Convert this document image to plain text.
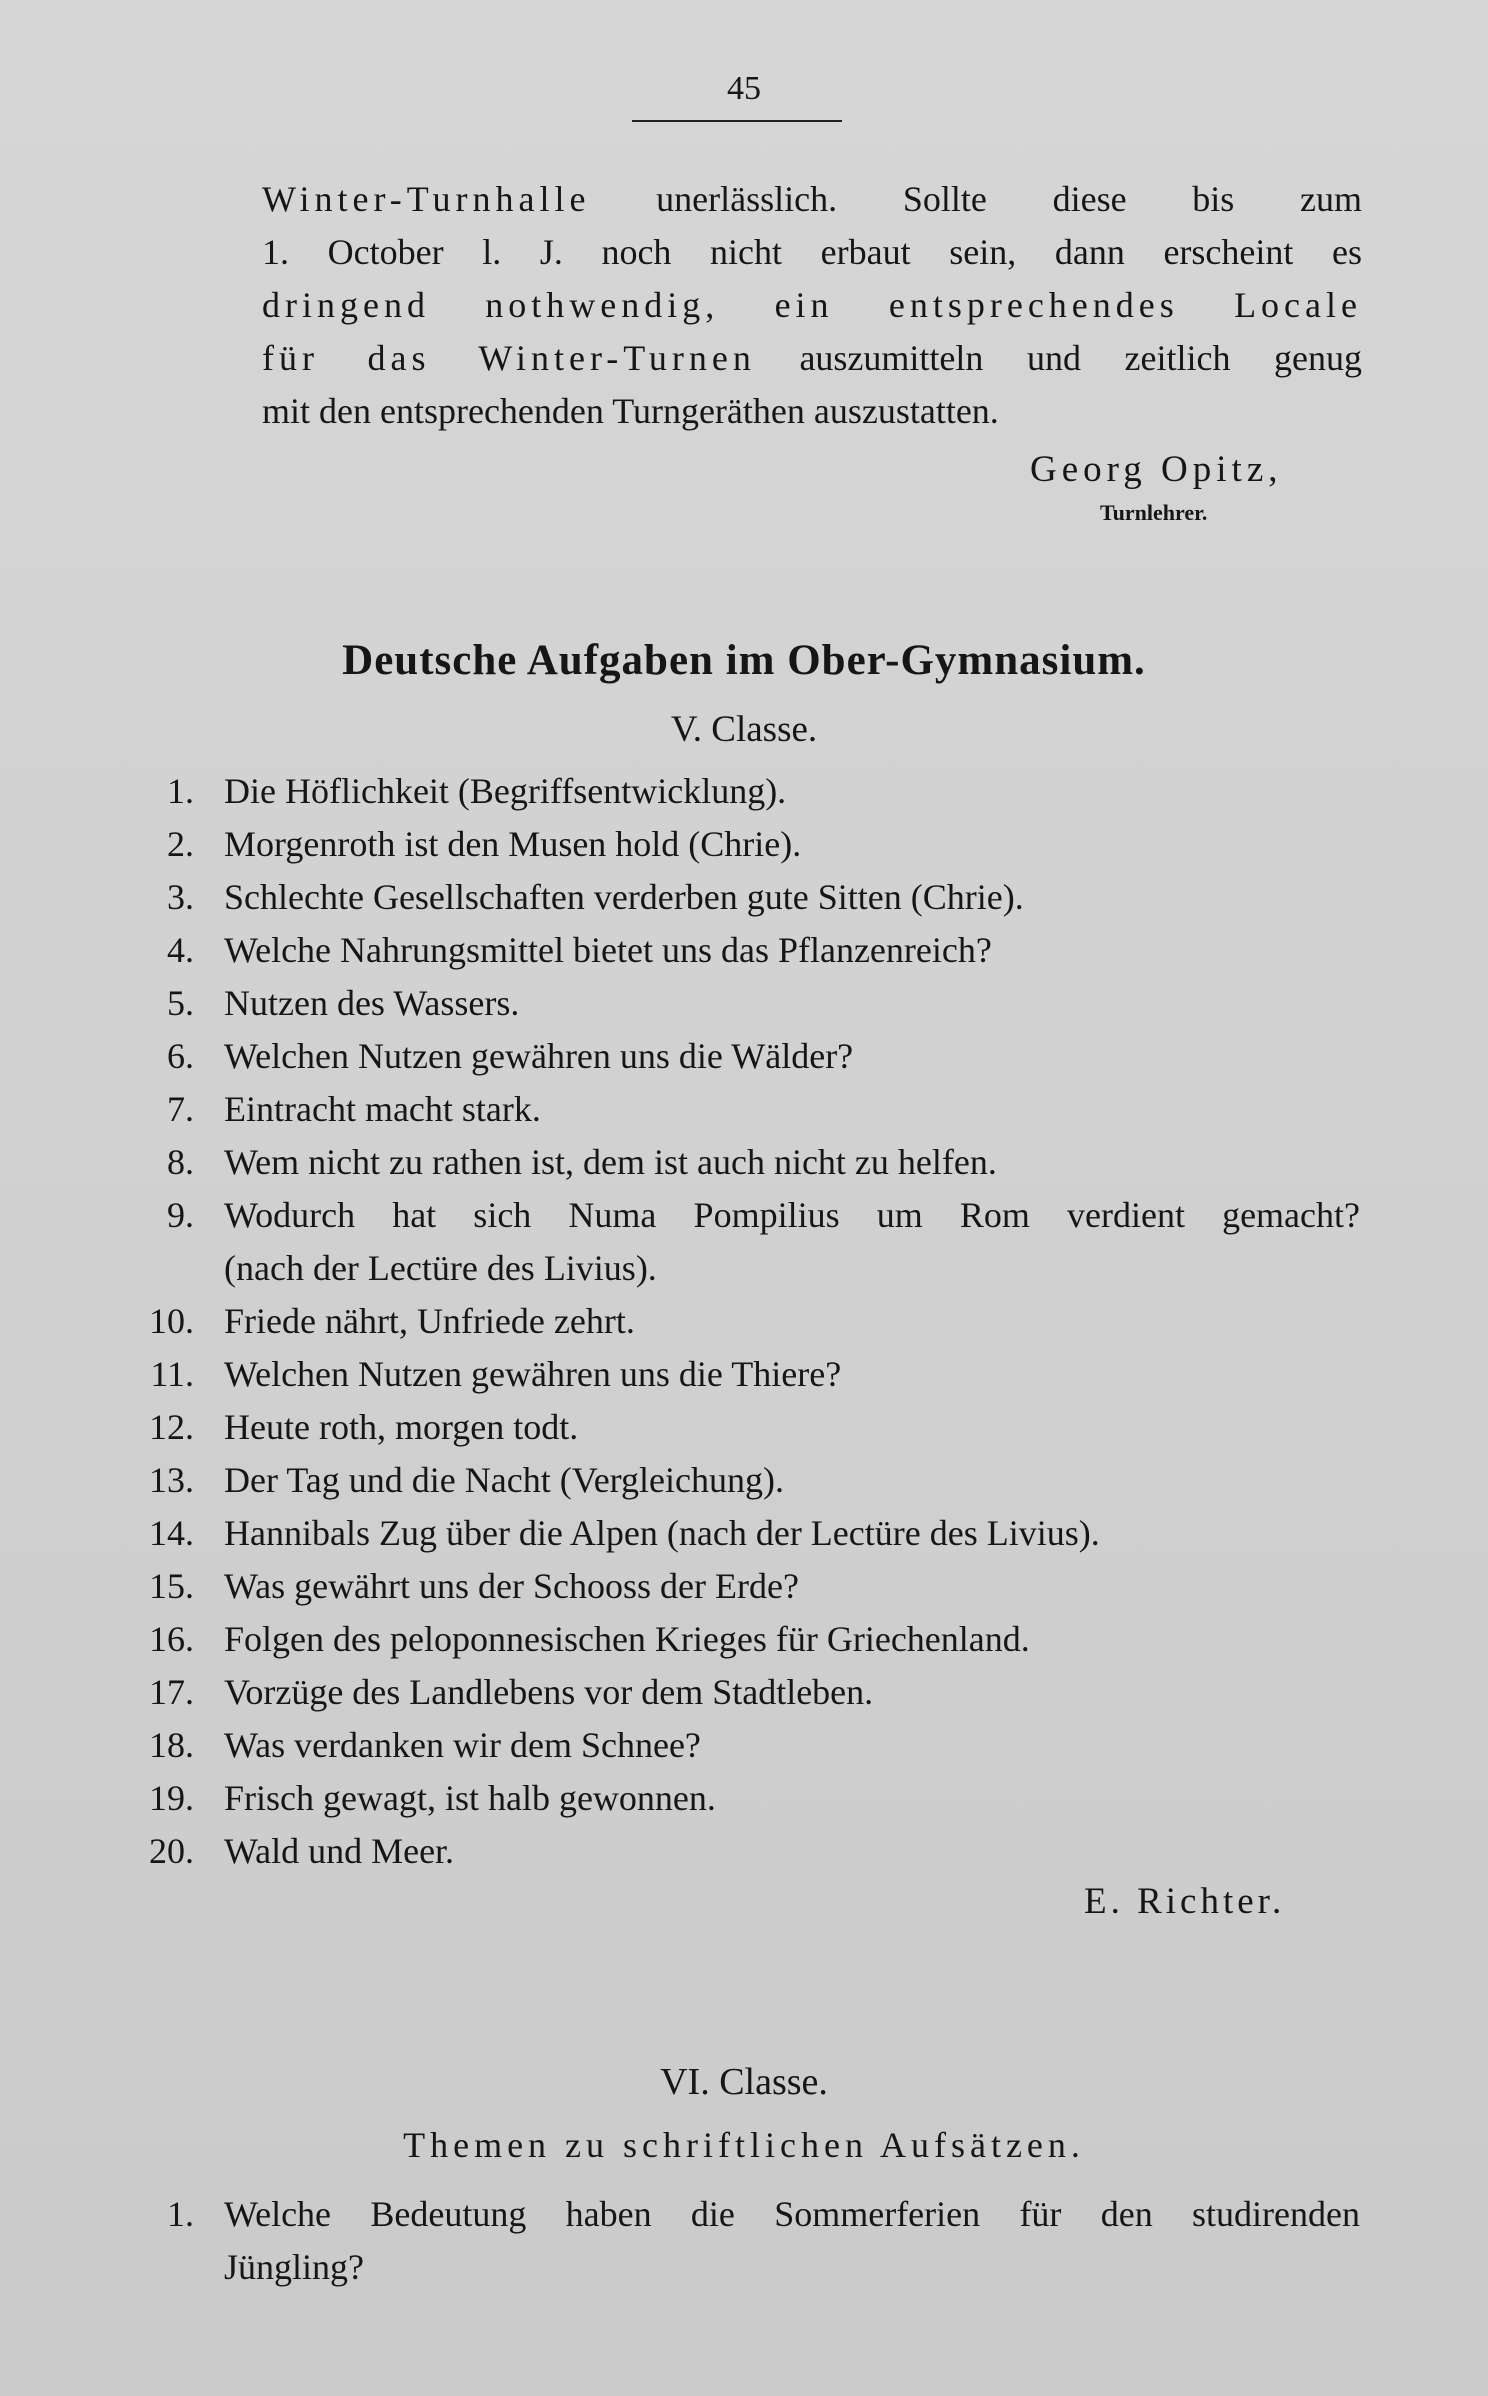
45
Winter-Turnhalle unerlässlich. Sollte diese bis zum
1. October l. J. noch nicht erbaut sein, dann erscheint es
dringend nothwendig, ein entsprechendes Locale
für das Winter-Turnen auszumitteln und zeitlich genug
mit den entsprechenden Turngeräthen auszustatten.
Georg Opitz,
Turnlehrer.
Deutsche Aufgaben im Ober-Gymnasium.
V. Classe.
1. Die Höflichkeit (Begriffsentwicklung).
2. Morgenroth ist den Musen hold (Chrie).
3. Schlechte Gesellschaften verderben gute Sitten (Chrie).
4. Welche Nahrungsmittel bietet uns das Pflanzenreich?
5. Nutzen des Wassers.
6. Welchen Nutzen gewähren uns die Wälder?
7. Eintracht macht stark.
8. Wem nicht zu rathen ist, dem ist auch nicht zu helfen.
9. Wodurch hat sich Numa Pompilius um Rom verdient gemacht?
(nach der Lectüre des Livius).
10. Friede nährt, Unfriede zehrt.
11. Welchen Nutzen gewähren uns die Thiere?
12. Heute roth, morgen todt.
13. Der Tag und die Nacht (Vergleichung).
14. Hannibals Zug über die Alpen (nach der Lectüre des Livius).
15. Was gewährt uns der Schooss der Erde?
16. Folgen des peloponnesischen Krieges für Griechenland.
17. Vorzüge des Landlebens vor dem Stadtleben.
18. Was verdanken wir dem Schnee?
19. Frisch gewagt, ist halb gewonnen.
20. Wald und Meer.
E. Richter.
VI. Classe.
Themen zu schriftlichen Aufsätzen.
1. Welche Bedeutung haben die Sommerferien für den studirenden
Jüngling?
